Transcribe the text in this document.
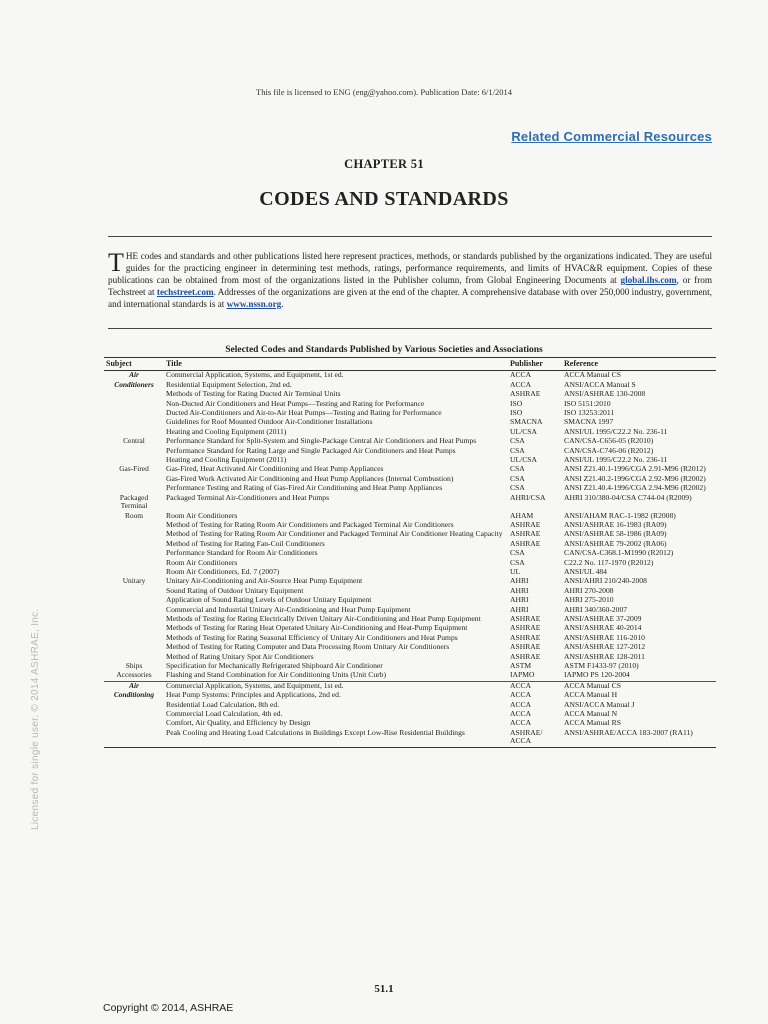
This file is licensed to ENG (eng@yahoo.com). Publication Date: 6/1/2014
Related Commercial Resources
CHAPTER 51
CODES AND STANDARDS
THE codes and standards and other publications listed here represent practices, methods, or standards published by the organizations indicated. They are useful guides for the practicing engineer in determining test methods, ratings, performance requirements, and limits of HVAC&R equipment. Copies of these publications can be obtained from most of the organizations listed in the Publisher column, from Global Engineering Documents at global.ihs.com, or from Techstreet at techstreet.com. Addresses of the organizations are given at the end of the chapter. A comprehensive database with over 250,000 industry, government, and international standards is at www.nssn.org.
Selected Codes and Standards Published by Various Societies and Associations
Subject	Title	Publisher	Reference
Air	Commercial Application, Systems, and Equipment, 1st ed.	ACCA	ACCA Manual CS
Conditioners	Residential Equipment Selection, 2nd ed.	ACCA	ANSI/ACCA Manual S
	Methods of Testing for Rating Ducted Air Terminal Units	ASHRAE	ANSI/ASHRAE 130-2008
	Non-Ducted Air Conditioners and Heat Pumps—Testing and Rating for Performance	ISO	ISO 5151:2010
	Ducted Air-Conditioners and Air-to-Air Heat Pumps—Testing and Rating for Performance	ISO	ISO 13253:2011
	Guidelines for Roof Mounted Outdoor Air-Conditioner Installations	SMACNA	SMACNA 1997
	Heating and Cooling Equipment (2011)	UL/CSA	ANSI/UL 1995/C22.2 No. 236-11
Central	Performance Standard for Split-System and Single-Package Central Air Conditioners and Heat Pumps	CSA	CAN/CSA-C656-05 (R2010)
	Performance Standard for Rating Large and Single Packaged Air Conditioners and Heat Pumps	CSA	CAN/CSA-C746-06 (R2012)
	Heating and Cooling Equipment (2011)	UL/CSA	ANSI/UL 1995/C22.2 No. 236-11
Gas-Fired	Gas-Fired, Heat Activated Air Conditioning and Heat Pump Appliances	CSA	ANSI Z21.40.1-1996/CGA 2.91-M96 (R2012)
	Gas-Fired Work Activated Air Conditioning and Heat Pump Appliances (Internal Combustion)	CSA	ANSI Z21.40.2-1996/CGA 2.92-M96 (R2002)
	Performance Testing and Rating of Gas-Fired Air Conditioning and Heat Pump Appliances	CSA	ANSI Z21.40.4-1996/CGA 2.94-M96 (R2002)
Packaged Terminal	Packaged Terminal Air-Conditioners and Heat Pumps	AHRI/CSA	AHRI 310/380-04/CSA C744-04 (R2009)
Room	Room Air Conditioners	AHAM	ANSI/AHAM RAC-1-1982 (R2008)
	Method of Testing for Rating Room Air Conditioners and Packaged Terminal Air Conditioners	ASHRAE	ANSI/ASHRAE 16-1983 (RA09)
	Method of Testing for Rating Room Air Conditioner and Packaged Terminal Air Conditioner Heating Capacity	ASHRAE	ANSI/ASHRAE 58-1986 (RA09)
	Method of Testing for Rating Fan-Coil Conditioners	ASHRAE	ANSI/ASHRAE 79-2002 (RA06)
	Performance Standard for Room Air Conditioners	CSA	CAN/CSA-C368.1-M1990 (R2012)
	Room Air Conditioners	CSA	C22.2 No. 117-1970 (R2012)
	Room Air Conditioners, Ed. 7 (2007)	UL	ANSI/UL 484
Unitary	Unitary Air-Conditioning and Air-Source Heat Pump Equipment	AHRI	ANSI/AHRI 210/240-2008
	Sound Rating of Outdoor Unitary Equipment	AHRI	AHRI 270-2008
	Application of Sound Rating Levels of Outdoor Unitary Equipment	AHRI	AHRI 275-2010
	Commercial and Industrial Unitary Air-Conditioning and Heat Pump Equipment	AHRI	AHRI 340/360-2007
	Methods of Testing for Rating Electrically Driven Unitary Air-Conditioning and Heat Pump Equipment	ASHRAE	ANSI/ASHRAE 37-2009
	Methods of Testing for Rating Heat Operated Unitary Air-Conditioning and Heat-Pump Equipment	ASHRAE	ANSI/ASHRAE 40-2014
	Methods of Testing for Rating Seasonal Efficiency of Unitary Air Conditioners and Heat Pumps	ASHRAE	ANSI/ASHRAE 116-2010
	Method of Testing for Rating Computer and Data Processing Room Unitary Air Conditioners	ASHRAE	ANSI/ASHRAE 127-2012
	Method of Rating Unitary Spot Air Conditioners	ASHRAE	ANSI/ASHRAE 128-2011
Ships	Specification for Mechanically Refrigerated Shipboard Air Conditioner	ASTM	ASTM F1433-97 (2010)
Accessories	Flashing and Stand Combination for Air Conditioning Units (Unit Curb)	IAPMO	IAPMO PS 120-2004
Air	Commercial Application, Systems, and Equipment, 1st ed.	ACCA	ACCA Manual CS
Conditioning	Heat Pump Systems: Principles and Applications, 2nd ed.	ACCA	ACCA Manual H
	Residential Load Calculation, 8th ed.	ACCA	ANSI/ACCA Manual J
	Commercial Load Calculation, 4th ed.	ACCA	ACCA Manual N
	Comfort, Air Quality, and Efficiency by Design	ACCA	ACCA Manual RS
	Peak Cooling and Heating Load Calculations in Buildings Except Low-Rise Residential Buildings	ASHRAE/ ACCA	ANSI/ASHRAE/ACCA 183-2007 (RA11)
51.1
Copyright © 2014, ASHRAE
Licensed for single user. © 2014 ASHRAE, Inc.
